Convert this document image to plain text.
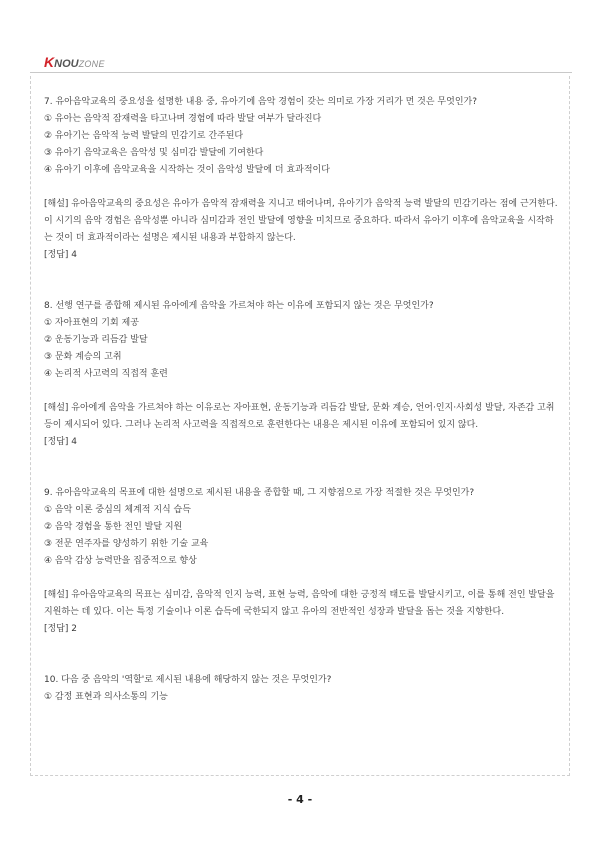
K NOU ZONE

7. 유아음악교육의 중요성을 설명한 내용 중, 유아기에 음악 경험이 갖는 의미로 가장 거리가 먼 것은 무엇인가?

① 유아는 음악적 잠재력을 타고나며 경험에 따라 발달 여부가 달라진다

② 유아기는 음악적 능력 발달의 민감기로 간주된다

③ 유아기 음악교육은 음악성 및 심미감 발달에 기여한다

④ 유아기 이후에 음악교육을 시작하는 것이 음악성 발달에 더 효과적이다

[해설] 유아음악교육의 중요성은 유아가 음악적 잠재력을 지니고 태어나며, 유아기가 음악적 능력 발달의 민감기라는 점에 근거한다. 이 시기의 음악 경험은 음악성뿐 아니라 심미감과 전인 발달에 영향을 미치므로 중요하다. 따라서 유아기 이후에 음악교육을 시작하는 것이 더 효과적이라는 설명은 제시된 내용과 부합하지 않는다.

[정답] 4

8. 선행 연구를 종합해 제시된 유아에게 음악을 가르쳐야 하는 이유에 포함되지 않는 것은 무엇인가?

① 자아표현의 기회 제공

② 운동기능과 리듬감 발달

③ 문화 계승의 고취

④ 논리적 사고력의 직접적 훈련

[해설] 유아에게 음악을 가르쳐야 하는 이유로는 자아표현, 운동기능과 리듬감 발달, 문화 계승, 언어·인지·사회성 발달, 자존감 고취 등이 제시되어 있다. 그러나 논리적 사고력을 직접적으로 훈련한다는 내용은 제시된 이유에 포함되어 있지 않다.

[정답] 4

9. 유아음악교육의 목표에 대한 설명으로 제시된 내용을 종합할 때, 그 지향점으로 가장 적절한 것은 무엇인가?

① 음악 이론 중심의 체계적 지식 습득

② 음악 경험을 통한 전인 발달 지원

③ 전문 연주자를 양성하기 위한 기술 교육

④ 음악 감상 능력만을 집중적으로 향상

[해설] 유아음악교육의 목표는 심미감, 음악적 인지 능력, 표현 능력, 음악에 대한 긍정적 태도를 발달시키고, 이를 통해 전인 발달을 지원하는 데 있다. 이는 특정 기술이나 이론 습득에 국한되지 않고 유아의 전반적인 성장과 발달을 돕는 것을 지향한다.

[정답] 2

10. 다음 중 음악의 '역할'로 제시된 내용에 해당하지 않는 것은 무엇인가?

① 감정 표현과 의사소통의 기능

- 4 -
